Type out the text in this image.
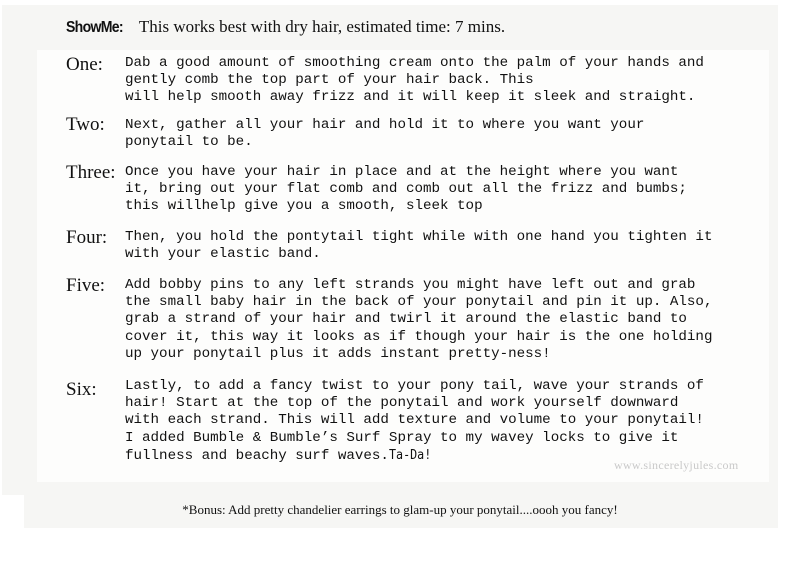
ShowMe: This works best with dry hair, estimated time: 7 mins.
One: Dab a good amount of smoothing cream onto the palm of your hands and
gently comb the top part of your hair back. This
will help smooth away frizz and it will keep it sleek and straight.
Two: Next, gather all your hair and hold it to where you want your
ponytail to be.
Three: Once you have your hair in place and at the height where you want
it, bring out your flat comb and comb out all the frizz and bumbs;
this willhelp give you a smooth, sleek top
Four: Then, you hold the pontytail tight while with one hand you tighten it
with your elastic band.
Five: Add bobby pins to any left strands you might have left out and grab
the small baby hair in the back of your ponytail and pin it up. Also,
grab a strand of your hair and twirl it around the elastic band to
cover it, this way it looks as if though your hair is the one holding
up your ponytail plus it adds instant pretty-ness!
Six: Lastly, to add a fancy twist to your pony tail, wave your strands of
hair! Start at the top of the ponytail and work yourself downward
with each strand. This will add texture and volume to your ponytail!
I added Bumble & Bumble’s Surf Spray to my wavey locks to give it
fullness and beachy surf waves.Ta-Da!
www.sincerelyjules.com
*Bonus: Add pretty chandelier earrings to glam-up your ponytail....oooh you fancy!
